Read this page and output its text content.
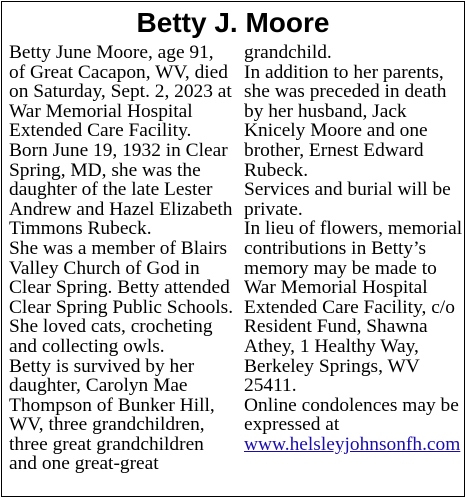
Betty J. Moore
Betty June Moore, age 91,
of Great Cacapon, WV, died
on Saturday, Sept. 2, 2023 at
War Memorial Hospital
Extended Care Facility.
Born June 19, 1932 in Clear
Spring, MD, she was the
daughter of the late Lester
Andrew and Hazel Elizabeth
Timmons Rubeck.
She was a member of Blairs
Valley Church of God in
Clear Spring. Betty attended
Clear Spring Public Schools.
She loved cats, crocheting
and collecting owls.
Betty is survived by her
daughter, Carolyn Mae
Thompson of Bunker Hill,
WV, three grandchildren,
three great grandchildren
and one great-great
grandchild.
In addition to her parents,
she was preceded in death
by her husband, Jack
Knicely Moore and one
brother, Ernest Edward
Rubeck.
Services and burial will be
private.
In lieu of flowers, memorial
contributions in Betty’s
memory may be made to
War Memorial Hospital
Extended Care Facility, c/o
Resident Fund, Shawna
Athey, 1 Healthy Way,
Berkeley Springs, WV
25411.
Online condolences may be
expressed at
www.helsleyjohnsonfh.com
